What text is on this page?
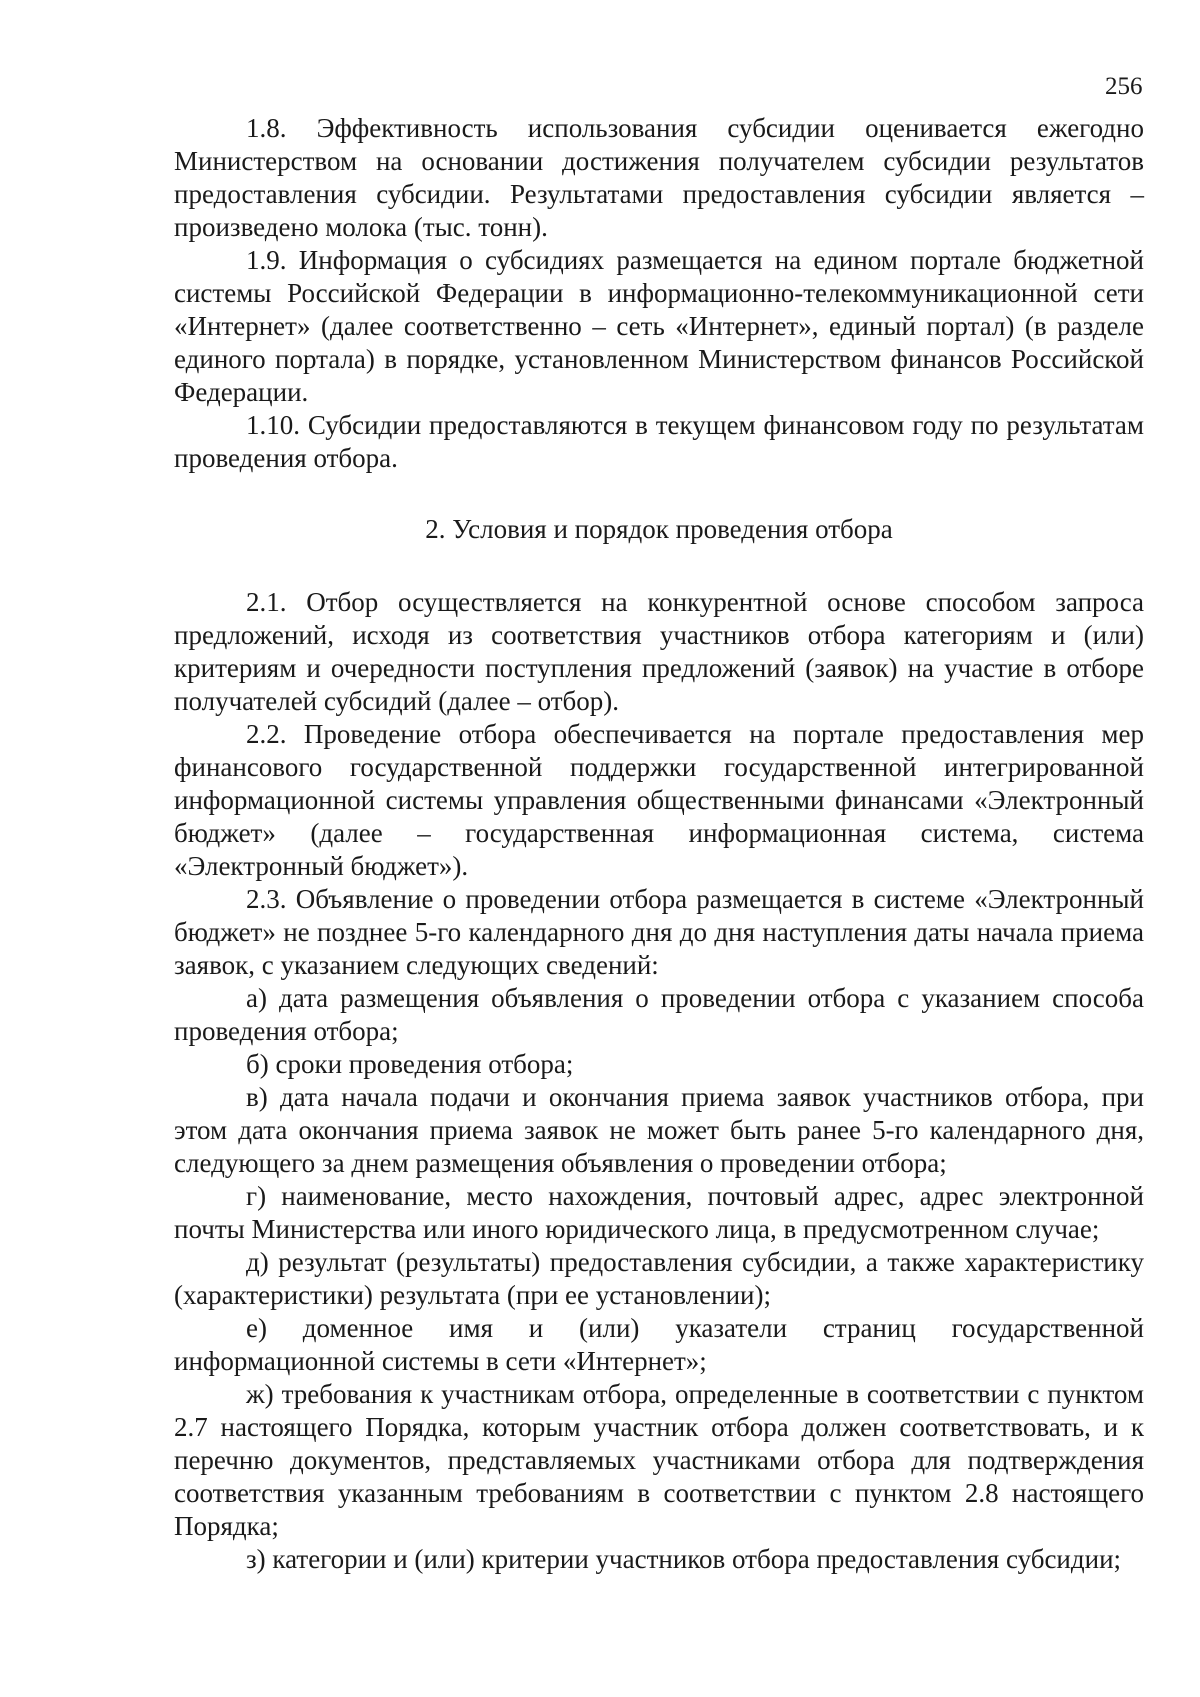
256

1.8. Эффективность использования субсидии оценивается ежегодно Министерством на основании достижения получателем субсидии результатов предоставления субсидии. Результатами предоставления субсидии является – произведено молока (тыс. тонн).

1.9. Информация о субсидиях размещается на едином портале бюджетной системы Российской Федерации в информационно-телекоммуникационной сети «Интернет» (далее соответственно – сеть «Интернет», единый портал) (в разделе единого портала) в порядке, установленном Министерством финансов Российской Федерации.

1.10. Субсидии предоставляются в текущем финансовом году по результатам проведения отбора.

2. Условия и порядок проведения отбора

2.1. Отбор осуществляется на конкурентной основе способом запроса предложений, исходя из соответствия участников отбора категориям и (или) критериям и очередности поступления предложений (заявок) на участие в отборе получателей субсидий (далее – отбор).

2.2. Проведение отбора обеспечивается на портале предоставления мер финансового государственной поддержки государственной интегрированной информационной системы управления общественными финансами «Электронный бюджет» (далее – государственная информационная система, система «Электронный бюджет»).

2.3. Объявление о проведении отбора размещается в системе «Электронный бюджет» не позднее 5-го календарного дня до дня наступления даты начала приема заявок, с указанием следующих сведений:

а) дата размещения объявления о проведении отбора с указанием способа проведения отбора;

б) сроки проведения отбора;

в) дата начала подачи и окончания приема заявок участников отбора, при этом дата окончания приема заявок не может быть ранее 5-го календарного дня, следующего за днем размещения объявления о проведении отбора;

г) наименование, место нахождения, почтовый адрес, адрес электронной почты Министерства или иного юридического лица, в предусмотренном случае;

д) результат (результаты) предоставления субсидии, а также характеристику (характеристики) результата (при ее установлении);

е) доменное имя и (или) указатели страниц государственной информационной системы в сети «Интернет»;

ж) требования к участникам отбора, определенные в соответствии с пунктом 2.7 настоящего Порядка, которым участник отбора должен соответствовать, и к перечню документов, представляемых участниками отбора для подтверждения соответствия указанным требованиям в соответствии с пунктом 2.8 настоящего Порядка;

з) категории и (или) критерии участников отбора предоставления субсидии;
